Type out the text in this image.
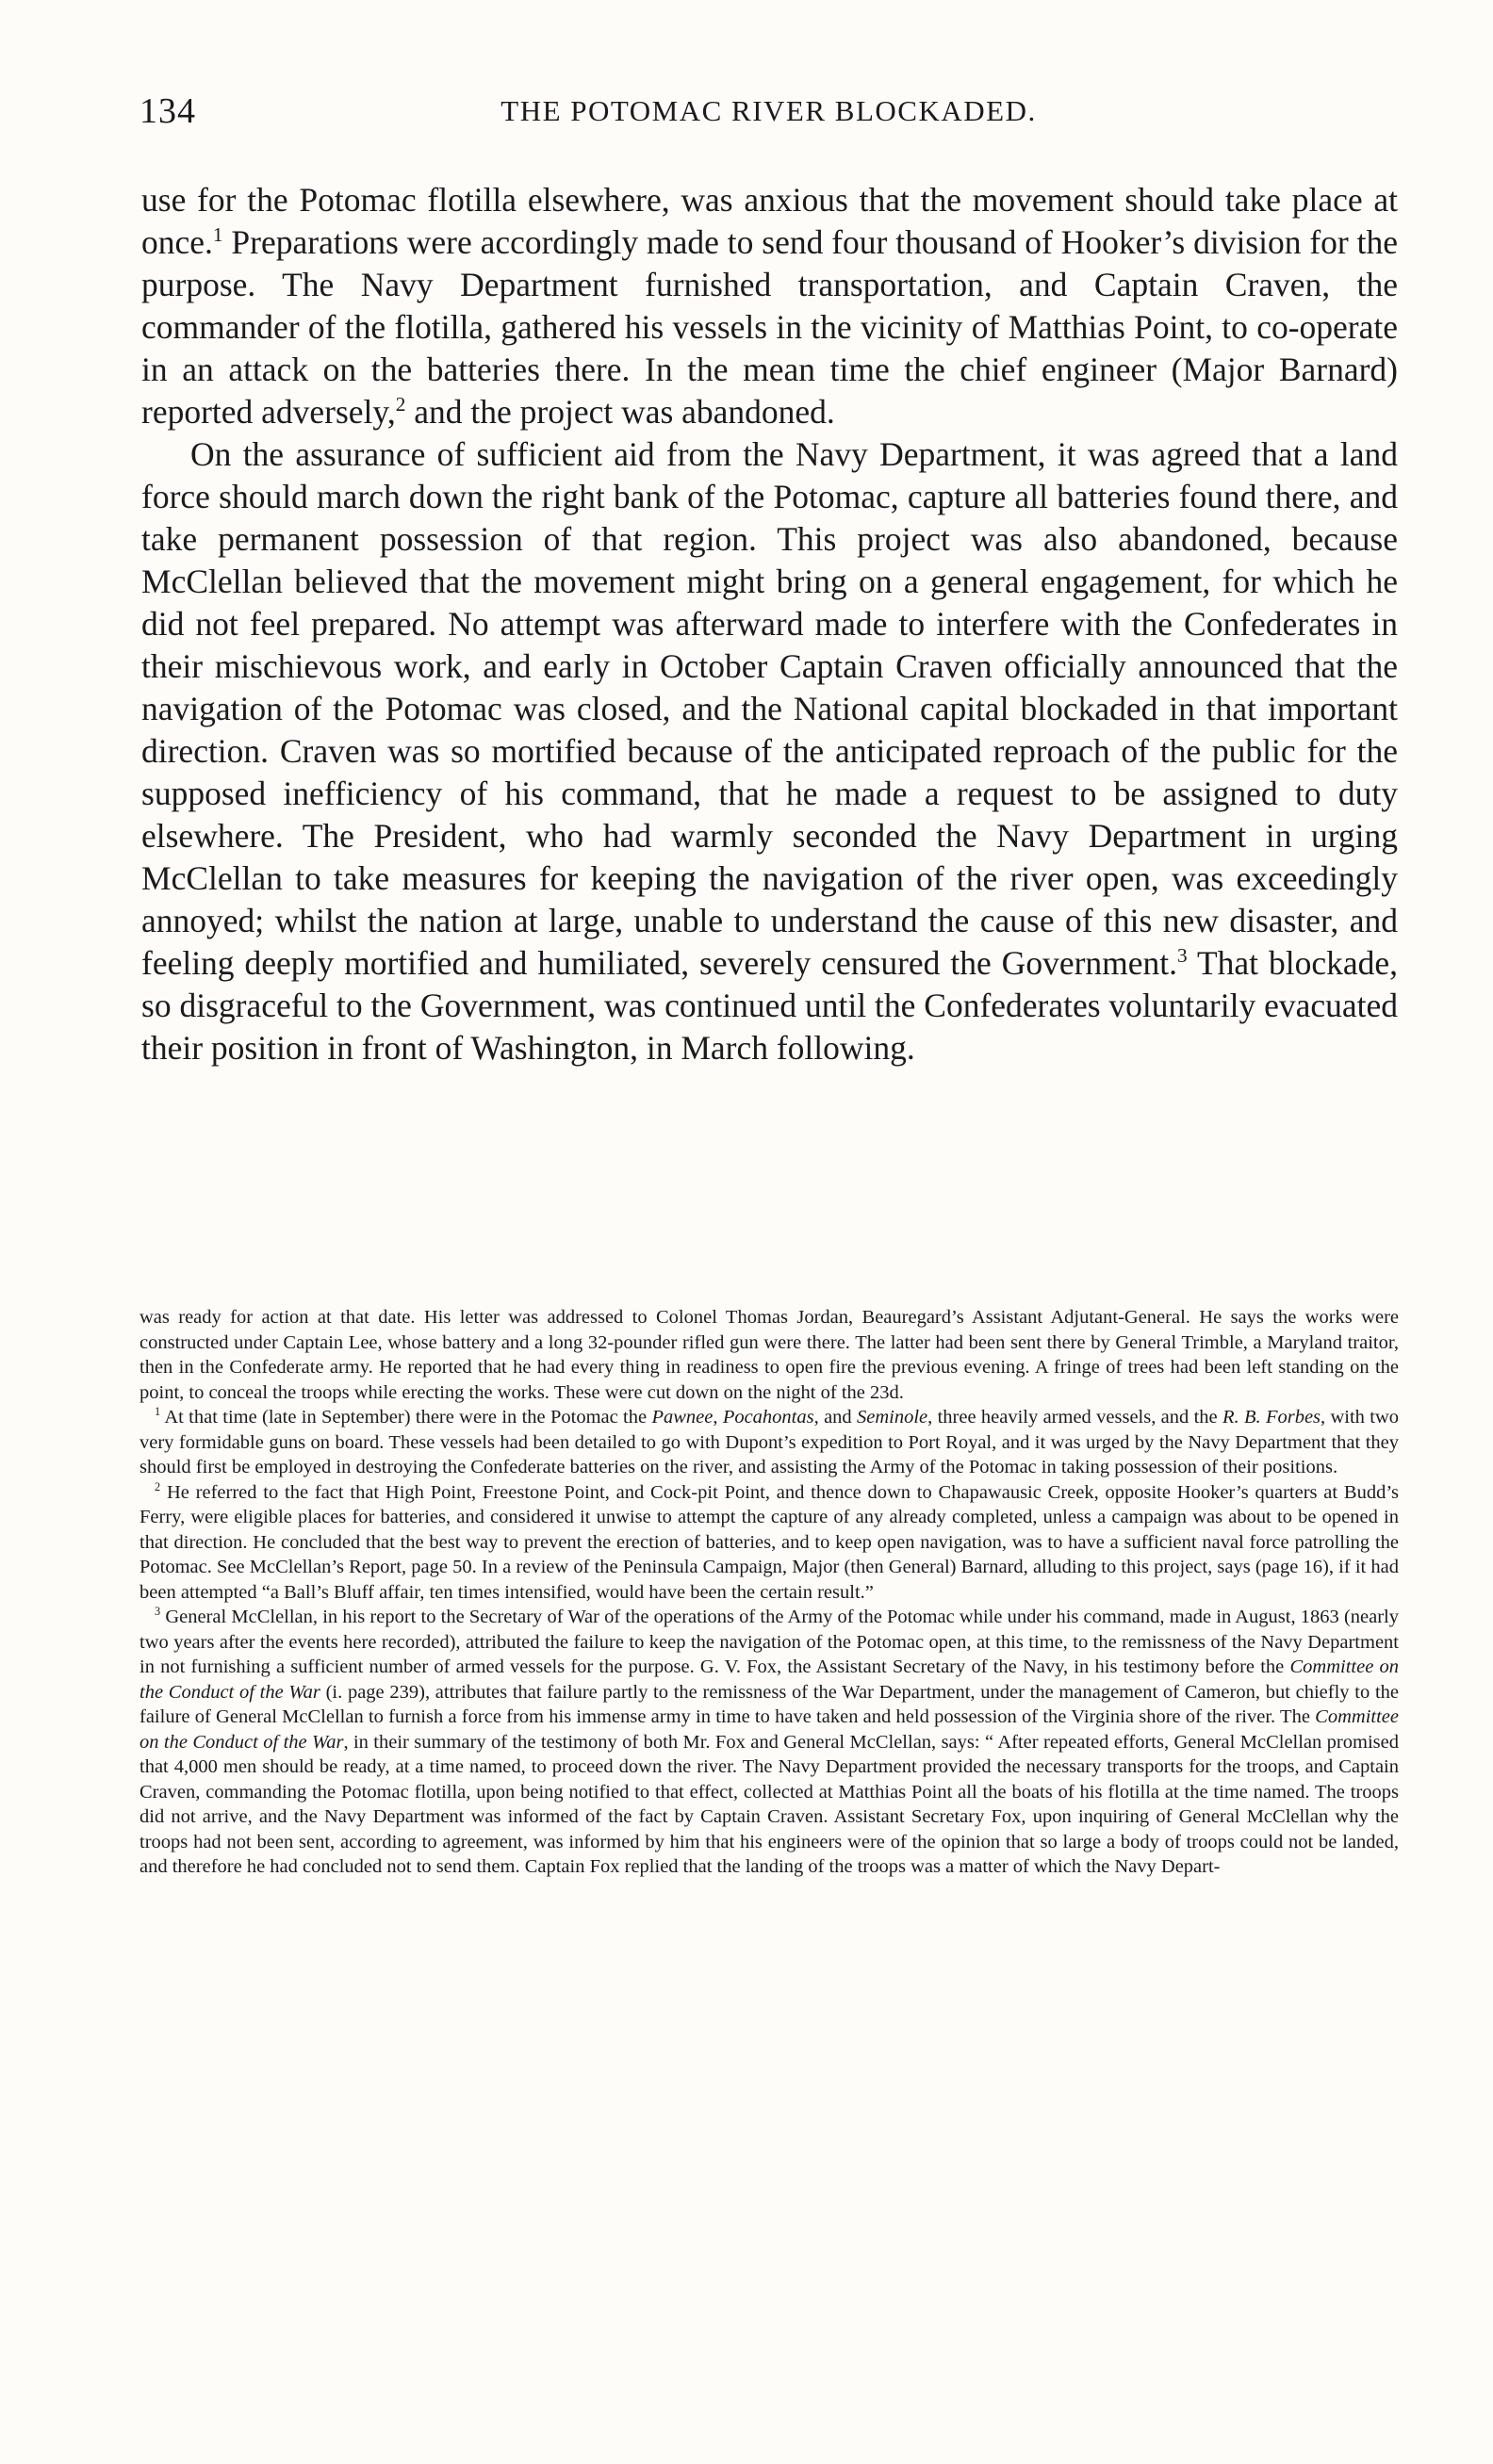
134	THE POTOMAC RIVER BLOCKADED.

use for the Potomac flotilla elsewhere, was anxious that the movement should take place at once.$^1$ Preparations were accordingly made to send four thousand of Hooker’s division for the purpose. The Navy Department furnished transportation, and Captain Craven, the commander of the flotilla, gathered his vessels in the vicinity of Matthias Point, to co-operate in an attack on the batteries there. In the mean time the chief engineer (Major Barnard) reported adversely,$^2$ and the project was abandoned.

On the assurance of sufficient aid from the Navy Department, it was agreed that a land force should march down the right bank of the Potomac, capture all batteries found there, and take permanent possession of that region. This project was also abandoned, because McClellan believed that the movement might bring on a general engagement, for which he did not feel prepared. No attempt was afterward made to interfere with the Confederates in their mischievous work, and early in October Captain Craven officially announced that the navigation of the Potomac was closed, and the National capital blockaded in that important direction. Craven was so mortified because of the anticipated reproach of the public for the supposed inefficiency of his command, that he made a request to be assigned to duty elsewhere. The President, who had warmly seconded the Navy Department in urging McClellan to take measures for keeping the navigation of the river open, was exceedingly annoyed; whilst the nation at large, unable to understand the cause of this new disaster, and feeling deeply mortified and humiliated, severely censured the Government.$^3$ That blockade, so disgraceful to the Government, was continued until the Confederates voluntarily evacuated their position in front of Washington, in March following.

was ready for action at that date. His letter was addressed to Colonel Thomas Jordan, Beauregard’s Assistant Adjutant-General. He says the works were constructed under Captain Lee, whose battery and a long 32-pounder rifled gun were there. The latter had been sent there by General Trimble, a Maryland traitor, then in the Confederate army. He reported that he had every thing in readiness to open fire the previous evening. A fringe of trees had been left standing on the point, to conceal the troops while erecting the works. These were cut down on the night of the 23d.

$^1$ At that time (late in September) there were in the Potomac the Pawnee, Pocahontas, and Seminole, three heavily armed vessels, and the R. B. Forbes, with two very formidable guns on board. These vessels had been detailed to go with Dupont’s expedition to Port Royal, and it was urged by the Navy Department that they should first be employed in destroying the Confederate batteries on the river, and assisting the Army of the Potomac in taking possession of their positions.

$^2$ He referred to the fact that High Point, Freestone Point, and Cock-pit Point, and thence down to Chapawausic Creek, opposite Hooker’s quarters at Budd’s Ferry, were eligible places for batteries, and considered it unwise to attempt the capture of any already completed, unless a campaign was about to be opened in that direction. He concluded that the best way to prevent the erection of batteries, and to keep open navigation, was to have a sufficient naval force patrolling the Potomac. See McClellan’s Report, page 50. In a review of the Peninsula Campaign, Major (then General) Barnard, alluding to this project, says (page 16), if it had been attempted “a Ball’s Bluff affair, ten times intensified, would have been the certain result.”

$^3$ General McClellan, in his report to the Secretary of War of the operations of the Army of the Potomac while under his command, made in August, 1863 (nearly two years after the events here recorded), attributed the failure to keep the navigation of the Potomac open, at this time, to the remissness of the Navy Department in not furnishing a sufficient number of armed vessels for the purpose. G. V. Fox, the Assistant Secretary of the Navy, in his testimony before the Committee on the Conduct of the War (i. page 239), attributes that failure partly to the remissness of the War Department, under the management of Cameron, but chiefly to the failure of General McClellan to furnish a force from his immense army in time to have taken and held possession of the Virginia shore of the river. The Committee on the Conduct of the War, in their summary of the testimony of both Mr. Fox and General McClellan, says: “ After repeated efforts, General McClellan promised that 4,000 men should be ready, at a time named, to proceed down the river. The Navy Department provided the necessary transports for the troops, and Captain Craven, commanding the Potomac flotilla, upon being notified to that effect, collected at Matthias Point all the boats of his flotilla at the time named. The troops did not arrive, and the Navy Department was informed of the fact by Captain Craven. Assistant Secretary Fox, upon inquiring of General McClellan why the troops had not been sent, according to agreement, was informed by him that his engineers were of the opinion that so large a body of troops could not be landed, and therefore he had concluded not to send them. Captain Fox replied that the landing of the troops was a matter of which the Navy Depart-
